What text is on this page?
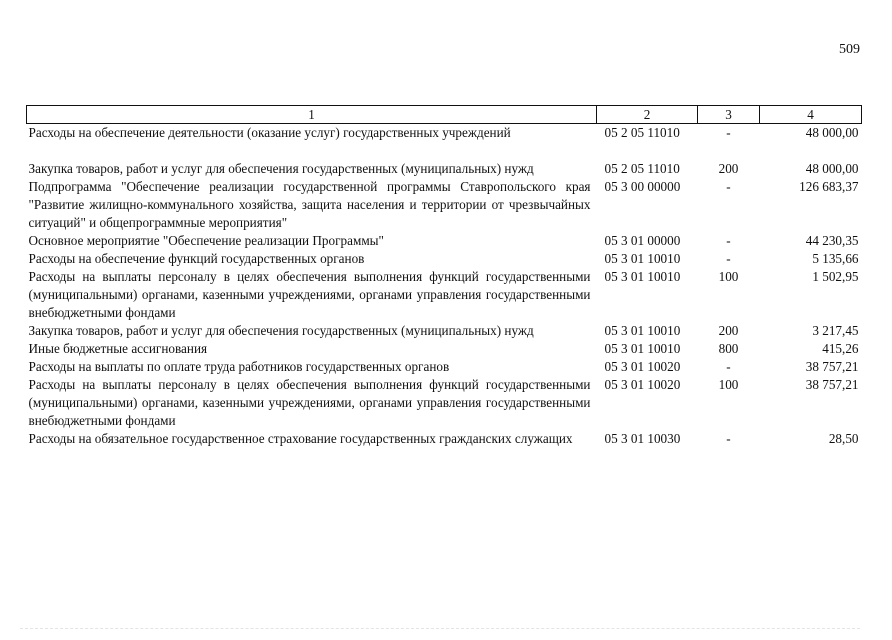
509
1	2	3	4
Расходы на обеспечение деятельности (оказание услуг) государственных учреждений	05 2 05 11010	-	48 000,00

Закупка товаров, работ и услуг для обеспечения государственных (муниципальных) нужд	05 2 05 11010	200	48 000,00
Подпрограмма "Обеспечение реализации государственной программы Ставропольского края "Развитие жилищно-коммунального хозяйства, защита населения и территории от чрезвычайных ситуаций" и общепрограммные мероприятия"	05 3 00 00000	-	126 683,37
Основное мероприятие "Обеспечение реализации Программы"	05 3 01 00000	-	44 230,35
Расходы на обеспечение функций государственных органов	05 3 01 10010	-	5 135,66
Расходы на выплаты персоналу в целях обеспечения выполнения функций государственными (муниципальными) органами, казенными учреждениями, органами управления государственными внебюджетными фондами	05 3 01 10010	100	1 502,95
Закупка товаров, работ и услуг для обеспечения государственных (муниципальных) нужд	05 3 01 10010	200	3 217,45
Иные бюджетные ассигнования	05 3 01 10010	800	415,26
Расходы на выплаты по оплате труда работников государственных органов	05 3 01 10020	-	38 757,21
Расходы на выплаты персоналу в целях обеспечения выполнения функций государственными (муниципальными) органами, казенными учреждениями, органами управления государственными внебюджетными фондами	05 3 01 10020	100	38 757,21
Расходы на обязательное государственное страхование государственных гражданских служащих	05 3 01 10030	-	28,50
